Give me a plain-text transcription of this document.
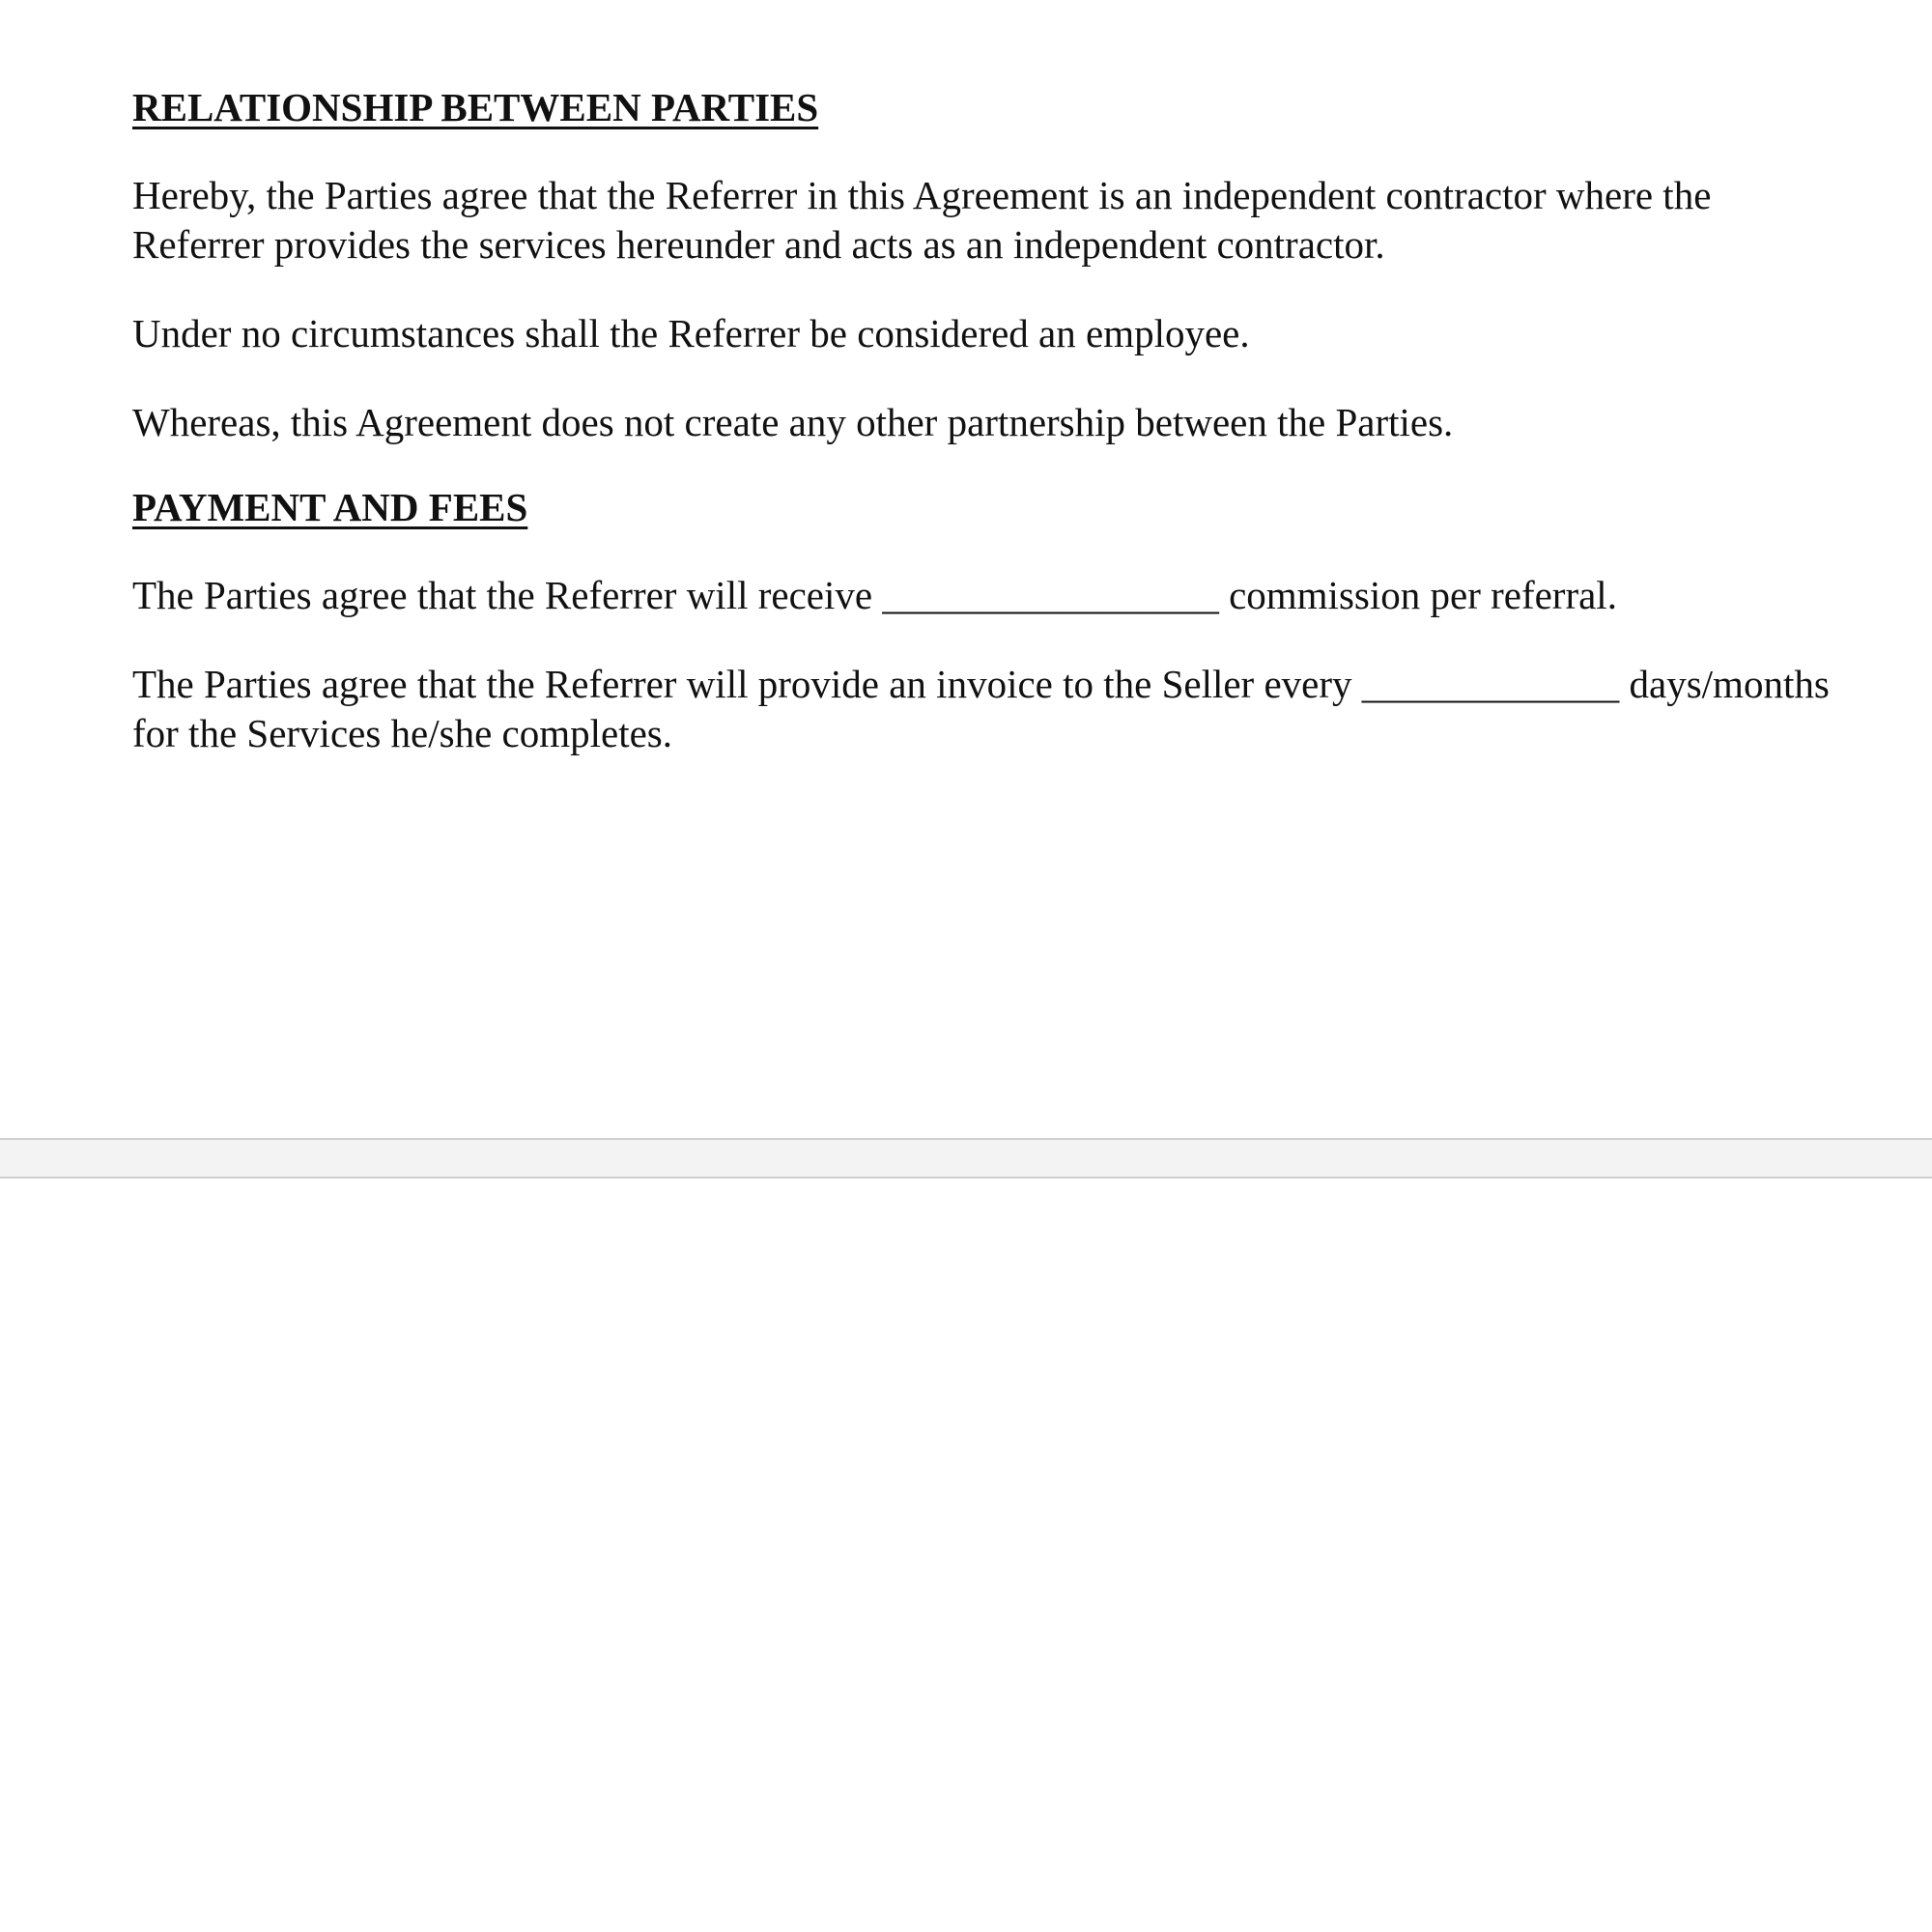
RELATIONSHIP BETWEEN PARTIES

Hereby, the Parties agree that the Referrer in this Agreement is an independent contractor where the Referrer provides the services hereunder and acts as an independent contractor.

Under no circumstances shall the Referrer be considered an employee.

Whereas, this Agreement does not create any other partnership between the Parties.

PAYMENT AND FEES

The Parties agree that the Referrer will receive _________________ commission per referral.

The Parties agree that the Referrer will provide an invoice to the Seller every _____________ days/months for the Services he/she completes.
